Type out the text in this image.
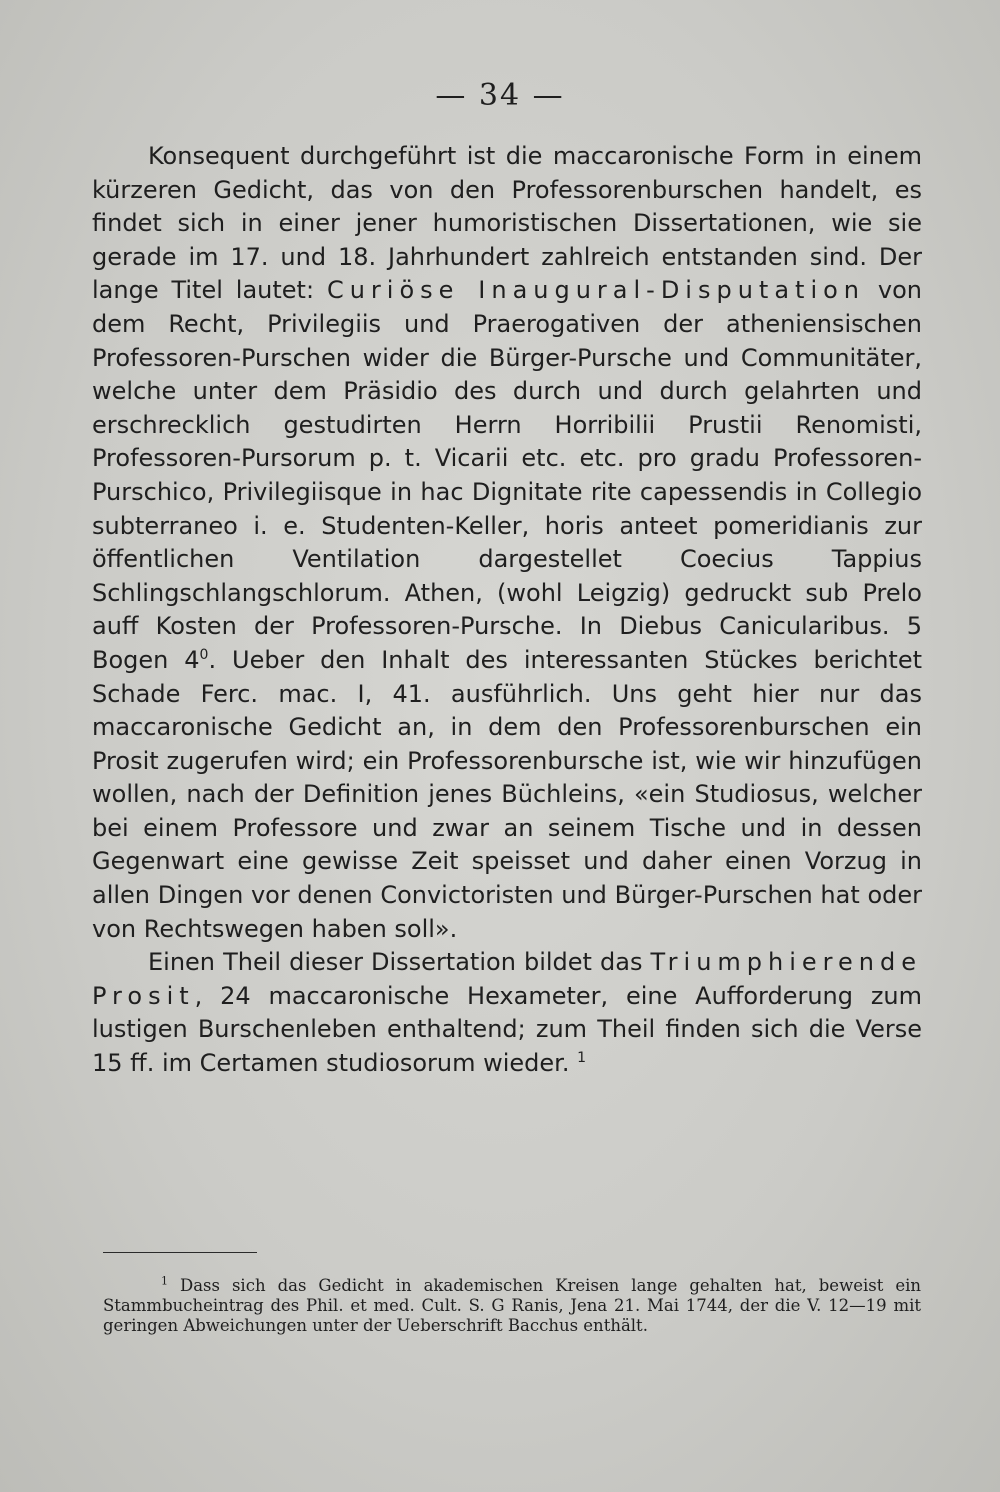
— 34 —

Konsequent durchgeführt ist die maccaronische Form in einem kürzeren Gedicht, das von den Professorenburschen handelt, es findet sich in einer jener humoristischen Dissertationen, wie sie gerade im 17. und 18. Jahrhundert zahlreich entstanden sind. Der lange Titel lautet: Curiöse Inaugural-Disputation von dem Recht, Privilegiis und Praerogativen der atheniensischen Professoren-Purschen wider die Bürger-Pursche und Communitäter, welche unter dem Präsidio des durch und durch gelahrten und erschrecklich gestudirten Herrn Horribilii Prustii Renomisti, Professoren-Pursorum p. t. Vicarii etc. etc. pro gradu Professoren-Purschico, Privilegiisque in hac Dignitate rite capessendis in Collegio subterraneo i. e. Studenten-Keller, horis anteet pomeridianis zur öffentlichen Ventilation dargestellet Coecius Tappius Schlingschlangschlorum. Athen, (wohl Leigzig) gedruckt sub Prelo auff Kosten der Professoren-Pursche. In Diebus Canicularibus. 5 Bogen $4^0$. Ueber den Inhalt des interessanten Stückes berichtet Schade Ferc. mac. I, 41. ausführlich. Uns geht hier nur das maccaronische Gedicht an, in dem den Professorenburschen ein Prosit zugerufen wird; ein Professorenbursche ist, wie wir hinzufügen wollen, nach der Definition jenes Büchleins, «ein Studiosus, welcher bei einem Professore und zwar an seinem Tische und in dessen Gegenwart eine gewisse Zeit speisset und daher einen Vorzug in allen Dingen vor denen Convictoristen und Bürger-Purschen hat oder von Rechtswegen haben soll».

Einen Theil dieser Dissertation bildet das Triumphierende Prosit, 24 maccaronische Hexameter, eine Aufforderung zum lustigen Burschenleben enthaltend; zum Theil finden sich die Verse 15 ff. im Certamen studiosorum wieder. $^1$

$^1$ Dass sich das Gedicht in akademischen Kreisen lange gehalten hat, beweist ein Stammbucheintrag des Phil. et med. Cult. S. G Ranis, Jena 21. Mai 1744, der die V. 12—19 mit geringen Abweichungen unter der Ueberschrift Bacchus enthält.
